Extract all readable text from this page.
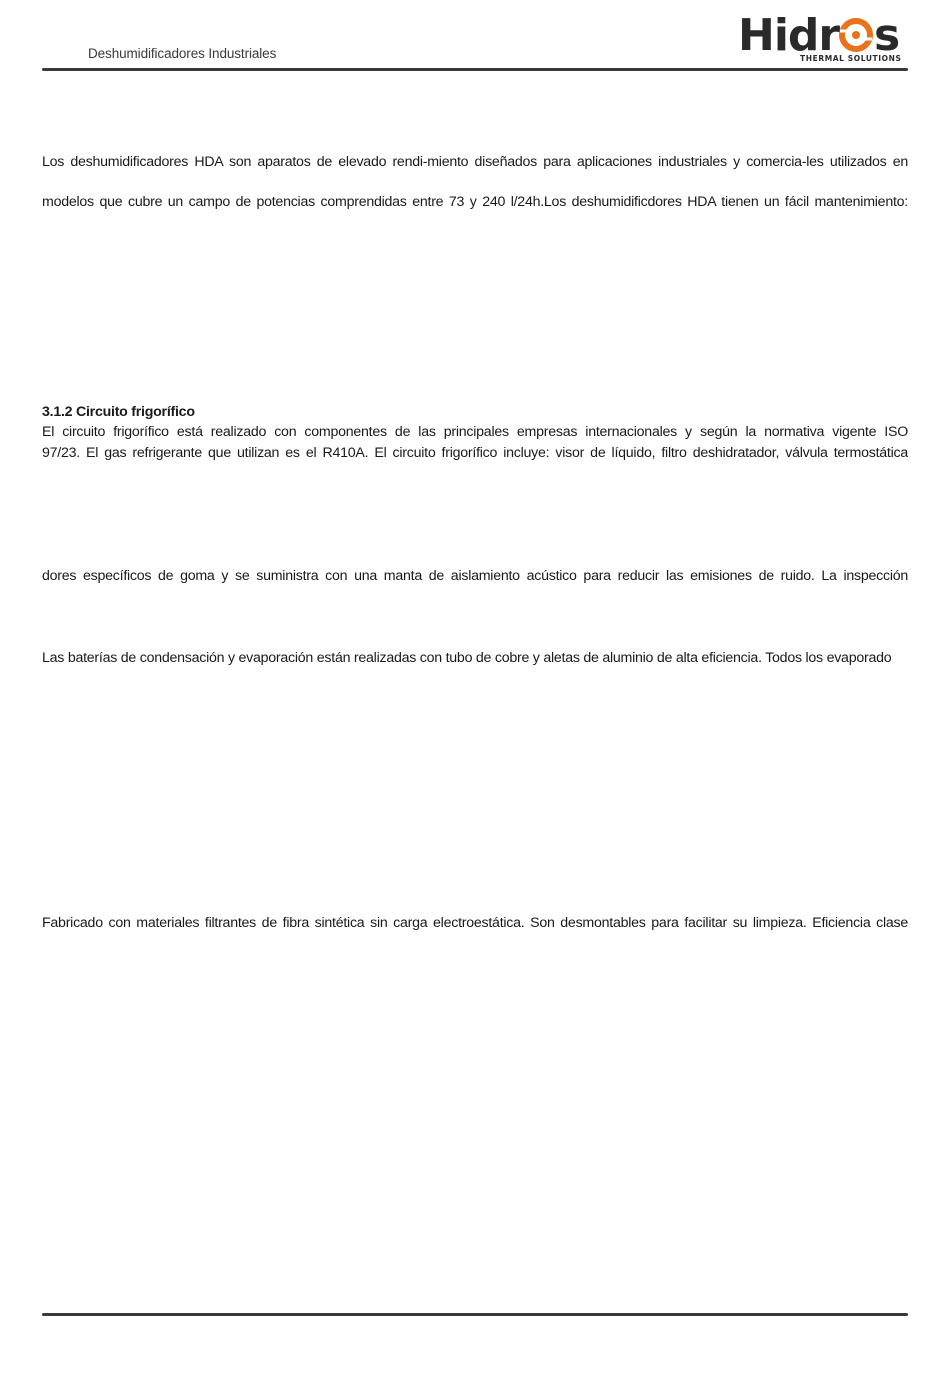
Deshumidificadores Industriales	Hidr s
THERMAL SOLUTIONS
Los deshumidificadores HDA son aparatos de elevado rendi-miento diseñados para aplicaciones industriales y comercia-les utilizados en
modelos que cubre un campo de potencias comprendidas entre 73 y 240 l/24h.Los deshumidificdores HDA tienen un fácil mantenimiento:
3.1.2 Circuito frigorífico
El circuito frigorífico está realizado con componentes de las principales empresas internacionales y según la normativa vigente ISO
97/23. El gas refrigerante que utilizan es el R410A. El circuito frigorífico incluye: visor de líquido, filtro deshidratador, válvula termostática
dores específicos de goma y se suministra con una manta de aislamiento acústico para reducir las emisiones de ruido. La inspección
Las baterías de condensación y evaporación están realizadas con tubo de cobre y aletas de aluminio de alta eficiencia. Todos los evaporado
Fabricado con materiales filtrantes de fibra sintética sin carga electroestática. Son desmontables para facilitar su limpieza. Eficiencia clase
